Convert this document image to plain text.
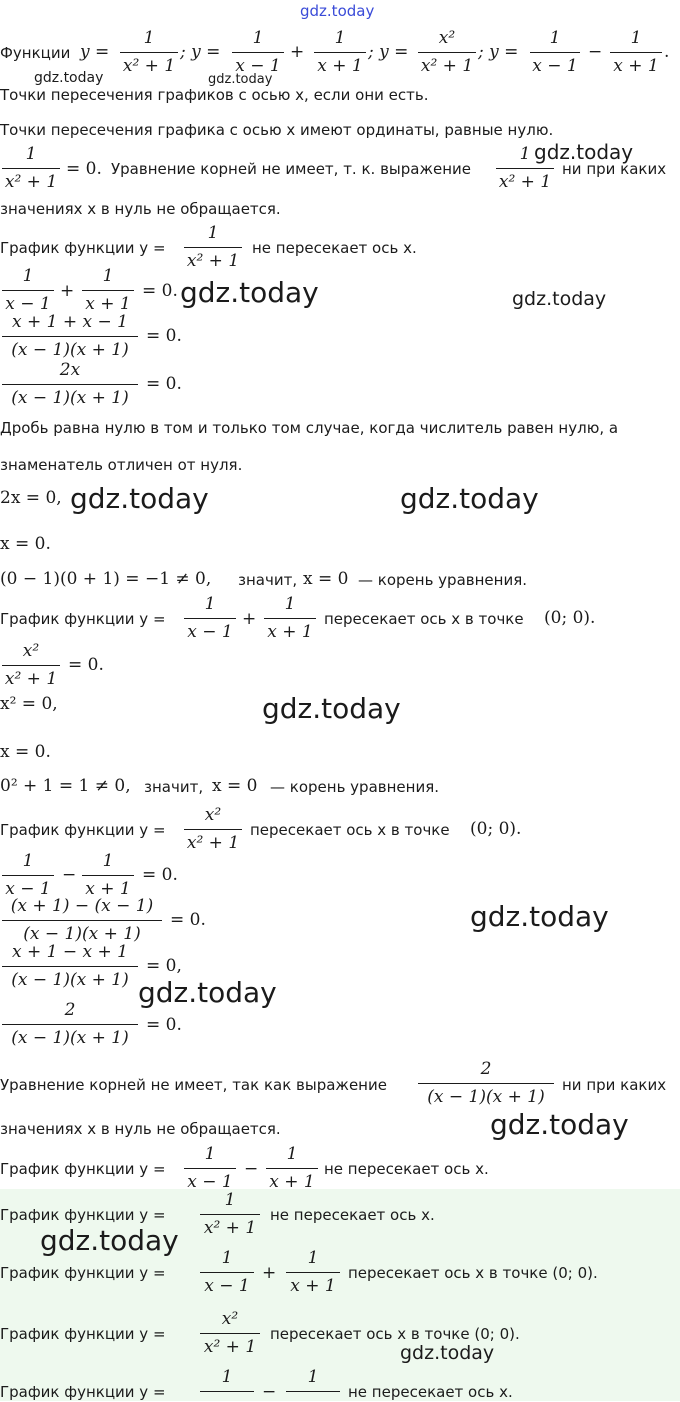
gdz.today
Функции y =
1
x² + 1
; y =
1
x − 1
+
1
x + 1
; y =
x²
x² + 1
; y =
1
x − 1
−
1
x + 1
.
gdz.today	gdz.today
Точки пересечения графиков с осью x, если они есть.
Точки пересечения графика с осью x имеют ординаты, равные нулю.
1
x² + 1
= 0. Уравнение корней не имеет, т. к. выражение
1
x² + 1
ни при каких
gdz.today
значениях x в нуль не обращается.
График функции y =
1
x² + 1
не пересекает ось x.
1
x − 1
+
1
x + 1
= 0. gdz.today	gdz.today
x + 1 + x − 1
(x − 1)(x + 1)
= 0.
2x
(x − 1)(x + 1)
= 0.
Дробь равна нулю в том и только том случае, когда числитель равен нулю, а
знаменатель отличен от нуля.
2x = 0, gdz.today	gdz.today
x = 0.
(0 − 1)(0 + 1) = −1 ≠ 0, значит, x = 0 — корень уравнения.
График функции y =
1
x − 1
+
1
x + 1
пересекает ось x в точке (0; 0).
x²
x² + 1
= 0.
x² = 0,	gdz.today
x = 0.
0² + 1 = 1 ≠ 0, значит, x = 0 — корень уравнения.
График функции y =
x²
x² + 1
пересекает ось x в точке (0; 0).
1
x − 1
−
1
x + 1
= 0.
(x + 1) − (x − 1)
(x − 1)(x + 1)
= 0.	gdz.today
x + 1 − x + 1
(x − 1)(x + 1)
= 0,
gdz.today
2
(x − 1)(x + 1)
= 0.
Уравнение корней не имеет, так как выражение
2
(x − 1)(x + 1)
ни при каких
значениях x в нуль не обращается.	gdz.today
График функции y =
1
x − 1
−
1
x + 1
не пересекает ось x.
График функции y =
1
x² + 1
не пересекает ось x.
gdz.today
График функции y =
1
x − 1
+
1
x + 1
пересекает ось x в точке (0; 0).
График функции y =
x²
x² + 1
пересекает ось x в точке (0; 0).
gdz.today
График функции y =
1
−
1
не пересекает ось x.
